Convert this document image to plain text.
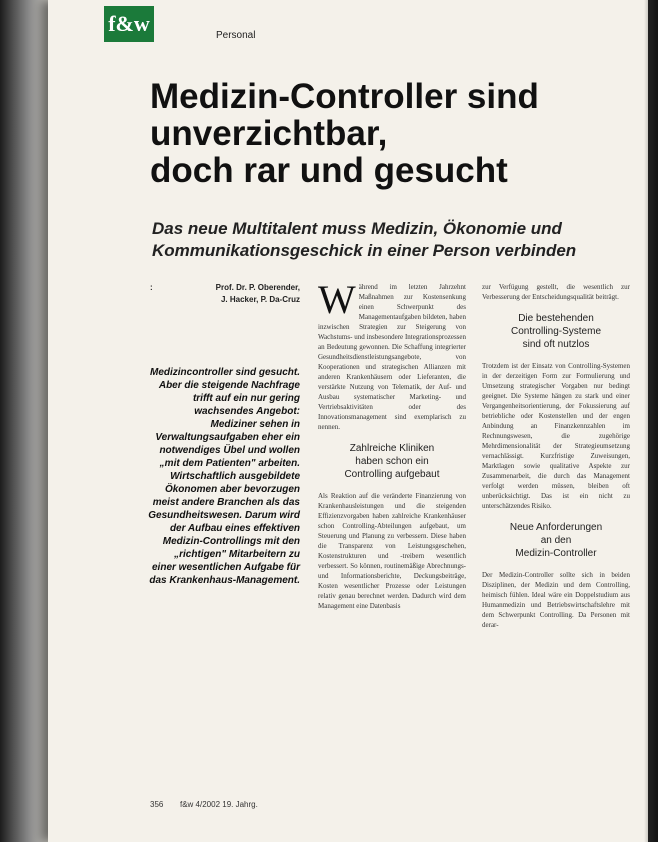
f&w	Personal
Medizin-Controller sind
unverzichtbar,
doch rar und gesucht
Das neue Multitalent muss Medizin, Ökonomie und
Kommunikationsgeschick in einer Person verbinden
:	Prof. Dr. P. Oberender,
J. Hacker, P. Da-Cruz
Medizincontroller sind gesucht. Aber die steigende Nachfrage trifft auf ein nur gering wachsendes Angebot: Mediziner sehen in Verwaltungsaufgaben eher ein notwendiges Übel und wollen „mit dem Patienten" arbeiten. Wirtschaftlich ausgebildete Ökonomen aber bevorzugen meist andere Branchen als das Gesundheitswesen. Darum wird der Aufbau eines effektiven Medizin-Controllings mit den „richtigen" Mitarbeitern zu einer wesentlichen Aufgabe für das Krankenhaus-Management.

W ährend im letzten Jahrzehnt Maßnahmen zur Kostensenkung einen Schwerpunkt des Managementaufgaben bildeten, haben inzwischen Strategien zur Steigerung von Wachstums- und insbesondere Integrationsprozessen an Bedeutung gewonnen. Die Schaffung integrierter Gesundheitsdienstleistungsangebote, von Kooperationen und strategischen Allianzen mit anderen Krankenhäusern oder Lieferanten, die verstärkte Nutzung von Telematik, der Auf- und Ausbau systematischer Marketing- und Vertriebsaktivitäten oder des Innovationsmanagement sind exemplarisch zu nennen.

Zahlreiche Kliniken
haben schon ein
Controlling aufgebaut

Als Reaktion auf die veränderte Finanzierung von Krankenhausleistungen und die steigenden Effizienzvorgaben haben zahlreiche Krankenhäuser schon Controlling-Abteilungen aufgebaut, um Steuerung und Planung zu verbessern. Diese haben die Transparenz von Leistungsgeschehen, Kostenstrukturen und -treibern wesentlich verbessert. So können, routinemäßige Abrechnungs- und Informationsberichte, Deckungsbeiträge, Kosten wesentlicher Prozesse oder Leistungen relativ genau berechnet werden. Dadurch wird dem Management eine Datenbasis

zur Verfügung gestellt, die wesentlich zur Verbesserung der Entscheidungsqualität beiträgt.

Die bestehenden
Controlling-Systeme
sind oft nutzlos

Trotzdem ist der Einsatz von Controlling-Systemen in der derzeitigen Form zur Formulierung und Umsetzung strategischer Vorgaben nur bedingt geeignet. Die Systeme hängen zu stark und einer Vergangenheitsorientierung, der Fokussierung auf betriebliche oder Kostenstellen und der engen Anbindung an Finanzkennzahlen im Rechnungswesen, die zugehörige Mehrdimensionalität der Strategieumsetzung vernachlässigt. Kurzfristige Zuweisungen, Marktlagen sowie qualitative Aspekte zur Zusammenarbeit, die durch das Management verfolgt werden müssen, bleiben oft unberücksichtigt. Das ist ein nicht zu unterschätzendes Risiko.

Neue Anforderungen
an den
Medizin-Controller

Der Medizin-Controller sollte sich in beiden Disziplinen, der Medizin und dem Controlling, heimisch fühlen. Ideal wäre ein Doppelstudium aus Humanmedizin und Betriebswirtschaftslehre mit dem Schwerpunkt Controlling. Da Personen mit derar-

356 f&w 4/2002 19. Jahrg.
